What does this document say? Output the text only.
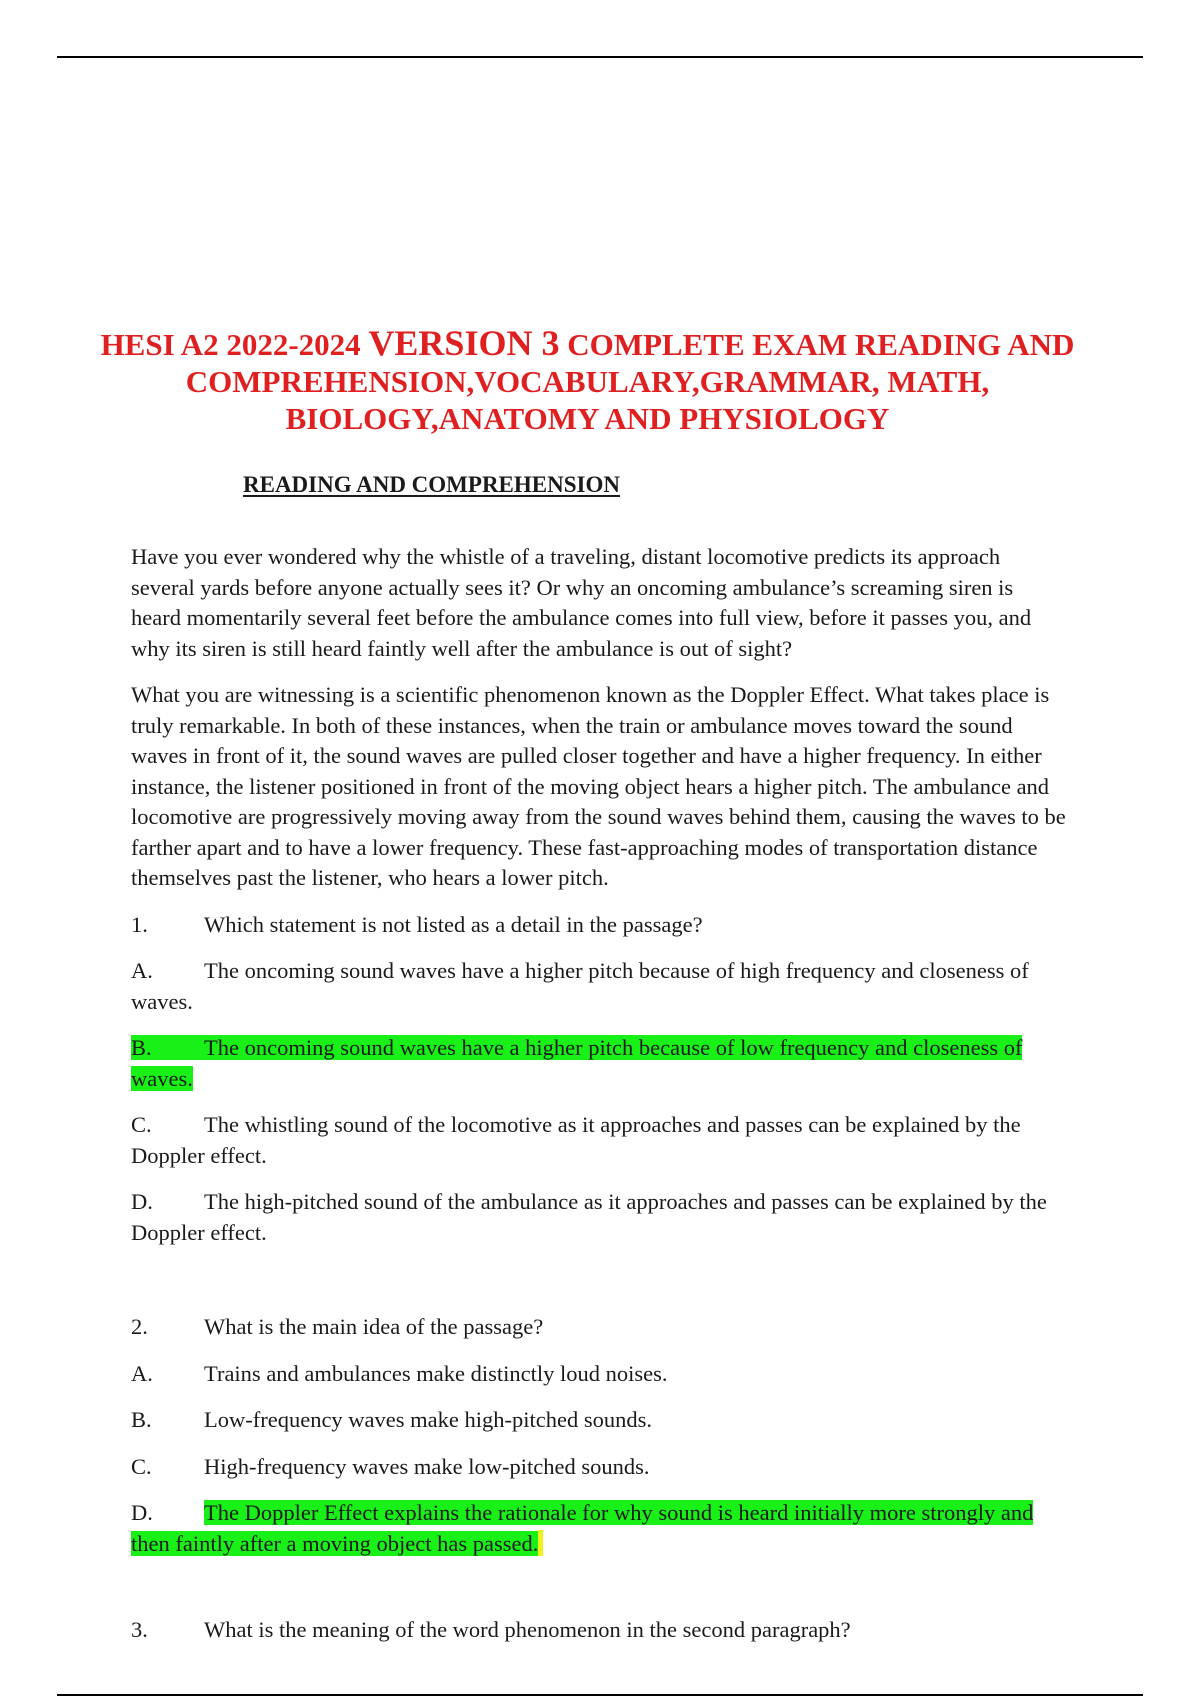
HESI A2 2022-2024 VERSION 3 COMPLETE EXAM READING AND COMPREHENSION,VOCABULARY,GRAMMAR, MATH, BIOLOGY,ANATOMY AND PHYSIOLOGY
READING AND COMPREHENSION

Have you ever wondered why the whistle of a traveling, distant locomotive predicts its approach several yards before anyone actually sees it? Or why an oncoming ambulance’s screaming siren is heard momentarily several feet before the ambulance comes into full view, before it passes you, and why its siren is still heard faintly well after the ambulance is out of sight?

What you are witnessing is a scientific phenomenon known as the Doppler Effect. What takes place is truly remarkable. In both of these instances, when the train or ambulance moves toward the sound waves in front of it, the sound waves are pulled closer together and have a higher frequency. In either instance, the listener positioned in front of the moving object hears a higher pitch. The ambulance and locomotive are progressively moving away from the sound waves behind them, causing the waves to be farther apart and to have a lower frequency. These fast-approaching modes of transportation distance themselves past the listener, who hears a lower pitch.

1. Which statement is not listed as a detail in the passage?
A. The oncoming sound waves have a higher pitch because of high frequency and closeness of waves.
B. The oncoming sound waves have a higher pitch because of low frequency and closeness of waves.
C. The whistling sound of the locomotive as it approaches and passes can be explained by the Doppler effect.
D. The high-pitched sound of the ambulance as it approaches and passes can be explained by the Doppler effect.
2. What is the main idea of the passage?
A. Trains and ambulances make distinctly loud noises.
B. Low-frequency waves make high-pitched sounds.
C. High-frequency waves make low-pitched sounds.
D. The Doppler Effect explains the rationale for why sound is heard initially more strongly and then faintly after a moving object has passed.
3. What is the meaning of the word phenomenon in the second paragraph?
